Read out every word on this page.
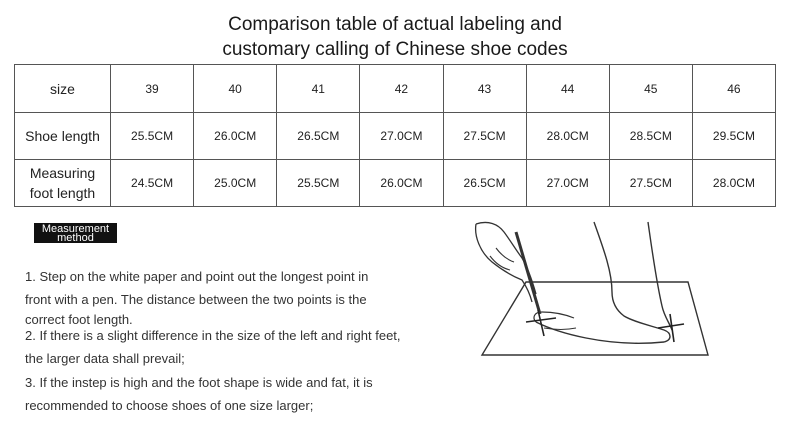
Comparison table of actual labeling and
customary calling of Chinese shoe codes
size	39	40	41	42	43	44	45	46
Shoe length	25.5CM	26.0CM	26.5CM	27.0CM	27.5CM	28.0CM	28.5CM	29.5CM

Measuring
foot length	24.5CM	25.0CM	25.5CM	26.0CM	26.5CM	27.0CM	27.5CM	28.0CM
Measurement
method
1. Step on the white paper and point out the longest point in
front with a pen. The distance between the two points is the
correct foot length.
2. If there is a slight difference in the size of the left and right feet,
the larger data shall prevail;
3. If the instep is high and the foot shape is wide and fat, it is
recommended to choose shoes of one size larger;
